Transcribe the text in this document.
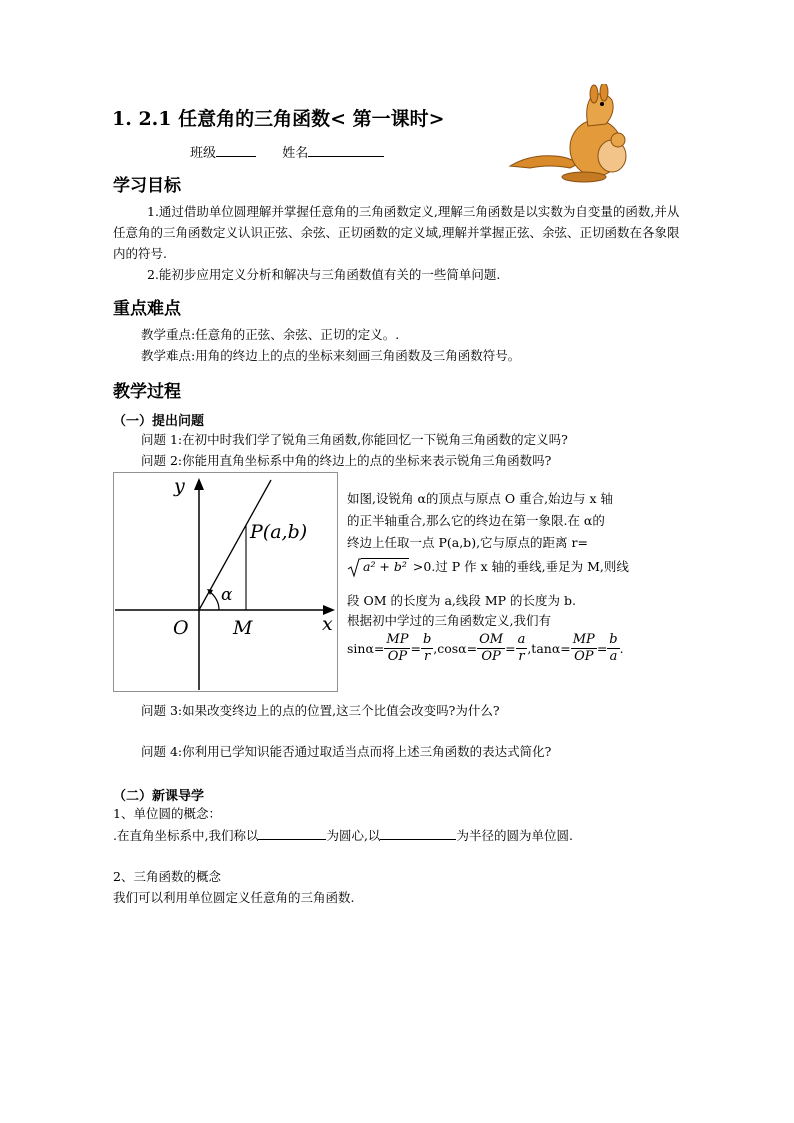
1. 2.1 任意角的三角函数< 第一课时>
班级	姓名
学习目标
1.通过借助单位圆理解并掌握任意角的三角函数定义,理解三角函数是以实数为自变量的函数,并从任意角的三角函数定义认识正弦、余弦、正切函数的定义域,理解并掌握正弦、余弦、正切函数在各象限内的符号.
2.能初步应用定义分析和解决与三角函数值有关的一些简单问题.
重点难点
教学重点:任意角的正弦、余弦、正切的定义。.
教学难点:用角的终边上的点的坐标来刻画三角函数及三角函数符号。
教学过程
（一）提出问题
问题 1:在初中时我们学了锐角三角函数,你能回忆一下锐角三角函数的定义吗?
问题 2:你能用直角坐标系中角的终边上的点的坐标来表示锐角三角函数吗?
y
x
O M
P(a,b)
α
如图,设锐角 α的顶点与原点 O 重合,始边与 x 轴
的正半轴重合,那么它的终边在第一象限.在 α的
终边上任取一点 P(a,b),它与原点的距离 r=
a² + b² >0.过 P 作 x 轴的垂线,垂足为 M,则线
段 OM 的长度为 a,线段 MP 的长度为 b.
根据初中学过的三角函数定义,我们有
$\sin\alpha= \frac{MP}{OP} = \frac{b}{r} ,\cos\alpha= \frac{OM}{OP} = \frac{a}{r} ,\tan\alpha= \frac{MP}{OP} = \frac{b}{a}$ .
问题 3:如果改变终边上的点的位置,这三个比值会改变吗?为什么?
问题 4:你利用已学知识能否通过取适当点而将上述三角函数的表达式简化?
（二）新课导学
1、单位圆的概念：
.在直角坐标系中,我们称以	为圆心,以	为半径的圆为单位圆.
2、三角函数的概念
我们可以利用单位圆定义任意角的三角函数.
